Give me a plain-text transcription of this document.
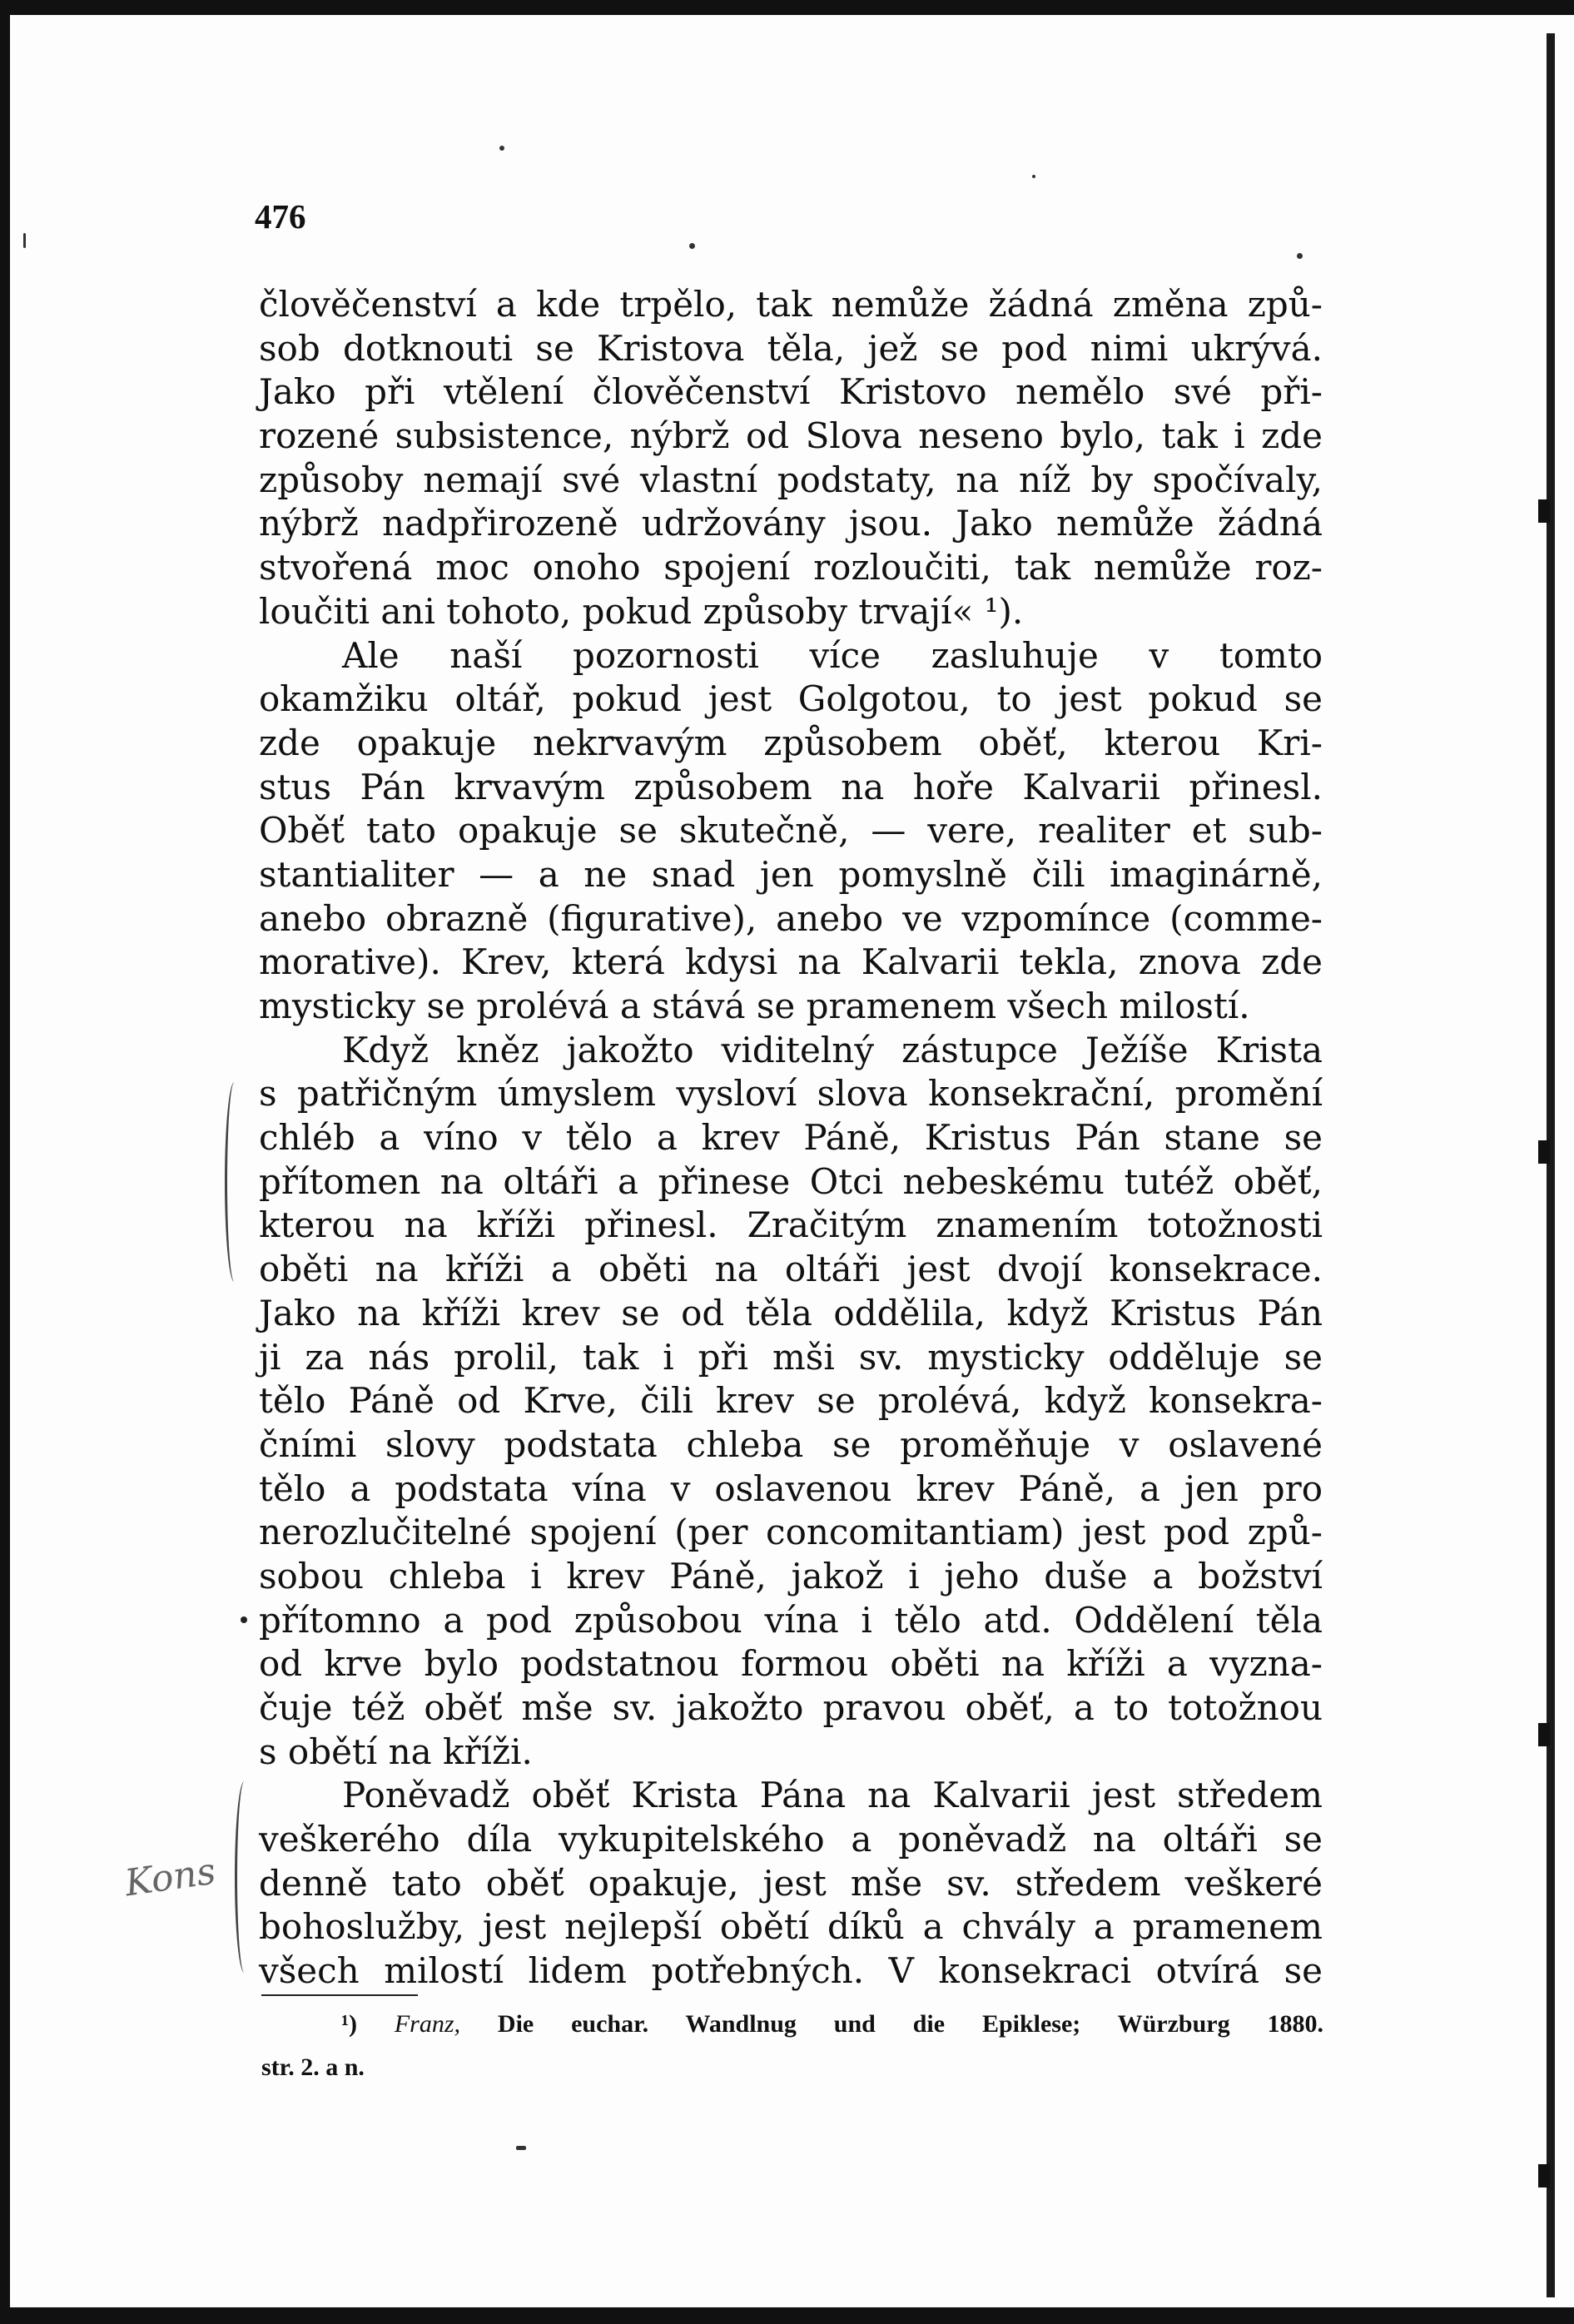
476
člověčenství a kde trpělo, tak nemůže žádná změna způ-
sob dotknouti se Kristova těla, jež se pod nimi ukrývá.
Jako při vtělení člověčenství Kristovo nemělo své při-
rozené subsistence, nýbrž od Slova neseno bylo, tak i zde
způsoby nemají své vlastní podstaty, na níž by spočívaly,
nýbrž nadpřirozeně udržovány jsou. Jako nemůže žádná
stvořená moc onoho spojení rozloučiti, tak nemůže roz-
loučiti ani tohoto, pokud způsoby trvají« ¹).
Ale naší pozornosti více zasluhuje v tomto
okamžiku oltář, pokud jest Golgotou, to jest pokud se
zde opakuje nekrvavým způsobem oběť, kterou Kri-
stus Pán krvavým způsobem na hoře Kalvarii přinesl.
Oběť tato opakuje se skutečně, — vere, realiter et sub-
stantialiter — a ne snad jen pomyslně čili imaginárně,
anebo obrazně (figurative), anebo ve vzpomínce (comme-
morative). Krev, která kdysi na Kalvarii tekla, znova zde
mysticky se prolévá a stává se pramenem všech milostí.
Když kněz jakožto viditelný zástupce Ježíše Krista
s patřičným úmyslem vysloví slova konsekrační, promění
chléb a víno v tělo a krev Páně, Kristus Pán stane se
přítomen na oltáři a přinese Otci nebeskému tutéž oběť,
kterou na kříži přinesl. Zračitým znamením totožnosti
oběti na kříži a oběti na oltáři jest dvojí konsekrace.
Jako na kříži krev se od těla oddělila, když Kristus Pán
ji za nás prolil, tak i při mši sv. mysticky odděluje se
tělo Páně od Krve, čili krev se prolévá, když konsekra-
čními slovy podstata chleba se proměňuje v oslavené
tělo a podstata vína v oslavenou krev Páně, a jen pro
nerozlučitelné spojení (per concomitantiam) jest pod způ-
sobou chleba i krev Páně, jakož i jeho duše a božství
přítomno a pod způsobou vína i tělo atd. Oddělení těla
od krve bylo podstatnou formou oběti na kříži a vyzna-
čuje též oběť mše sv. jakožto pravou oběť, a to totožnou
s obětí na kříži.
Poněvadž oběť Krista Pána na Kalvarii jest středem
veškerého díla vykupitelského a poněvadž na oltáři se
denně tato oběť opakuje, jest mše sv. středem veškeré
bohoslužby, jest nejlepší obětí díků a chvály a pramenem
všech milostí lidem potřebných. V konsekraci otvírá se
Kons
¹) Franz, Die euchar. Wandlnug und die Epiklese; Würzburg 1880.
str. 2. a n.
